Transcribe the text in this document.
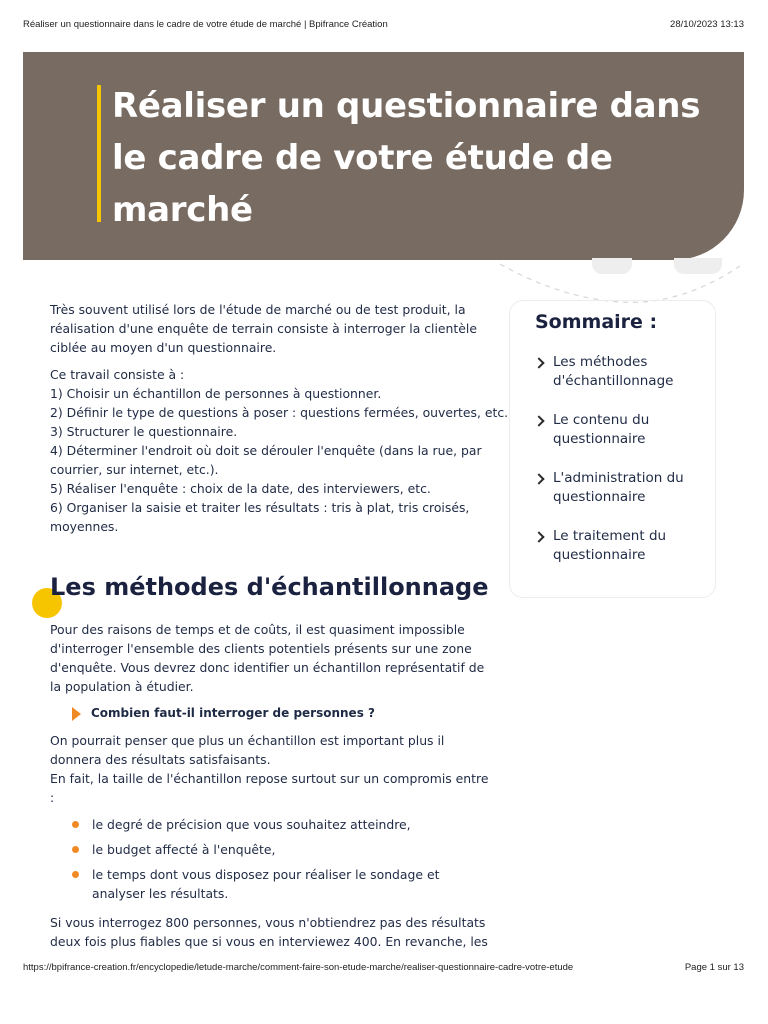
Réaliser un questionnaire dans le cadre de votre étude de marché | Bpifrance Création	28/10/2023 13:13
Réaliser un questionnaire dans le cadre de votre étude de marché

Très souvent utilisé lors de l'étude de marché ou de test produit, la réalisation d'une enquête de terrain consiste à interroger la clientèle ciblée au moyen d'un questionnaire.

Ce travail consiste à :
1) Choisir un échantillon de personnes à questionner.
2) Définir le type de questions à poser : questions fermées, ouvertes, etc.
3) Structurer le questionnaire.
4) Déterminer l'endroit où doit se dérouler l'enquête (dans la rue, par
courrier, sur internet, etc.).
5) Réaliser l'enquête : choix de la date, des interviewers, etc.
6) Organiser la saisie et traiter les résultats : tris à plat, tris croisés,
moyennes.
Les méthodes d'échantillonnage

Pour des raisons de temps et de coûts, il est quasiment impossible d'interroger l'ensemble des clients potentiels présents sur une zone d'enquête. Vous devrez donc identifier un échantillon représentatif de la population à étudier.

Combien faut-il interroger de personnes ?

On pourrait penser que plus un échantillon est important plus il donnera des résultats satisfaisants.

En fait, la taille de l'échantillon repose surtout sur un compromis entre :

le degré de précision que vous souhaitez atteindre,
le budget affecté à l'enquête,
le temps dont vous disposez pour réaliser le sondage et analyser les résultats.

Si vous interrogez 800 personnes, vous n'obtiendrez pas des résultats deux fois plus fiables que si vous en interviewez 400. En revanche, les

Sommaire :
Les méthodes d'échantillonnage
Le contenu du questionnaire
L'administration du questionnaire
Le traitement du questionnaire
https://bpifrance-creation.fr/encyclopedie/letude-marche/comment-faire-son-etude-marche/realiser-questionnaire-cadre-votre-etude	Page 1 sur 13
